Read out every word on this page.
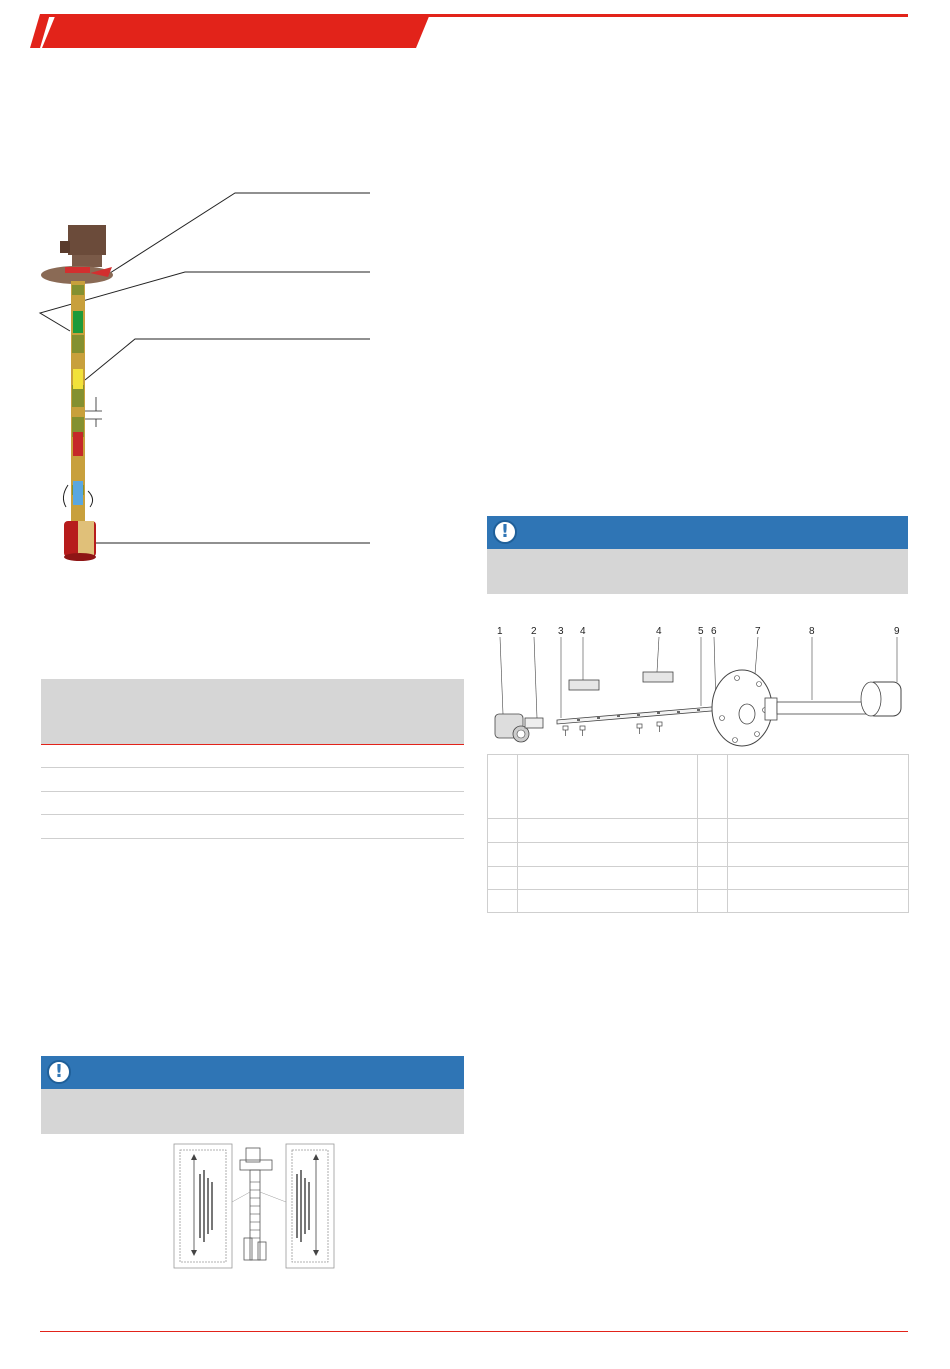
!
!
1	2 3 4	4	5 6	7	8	9
